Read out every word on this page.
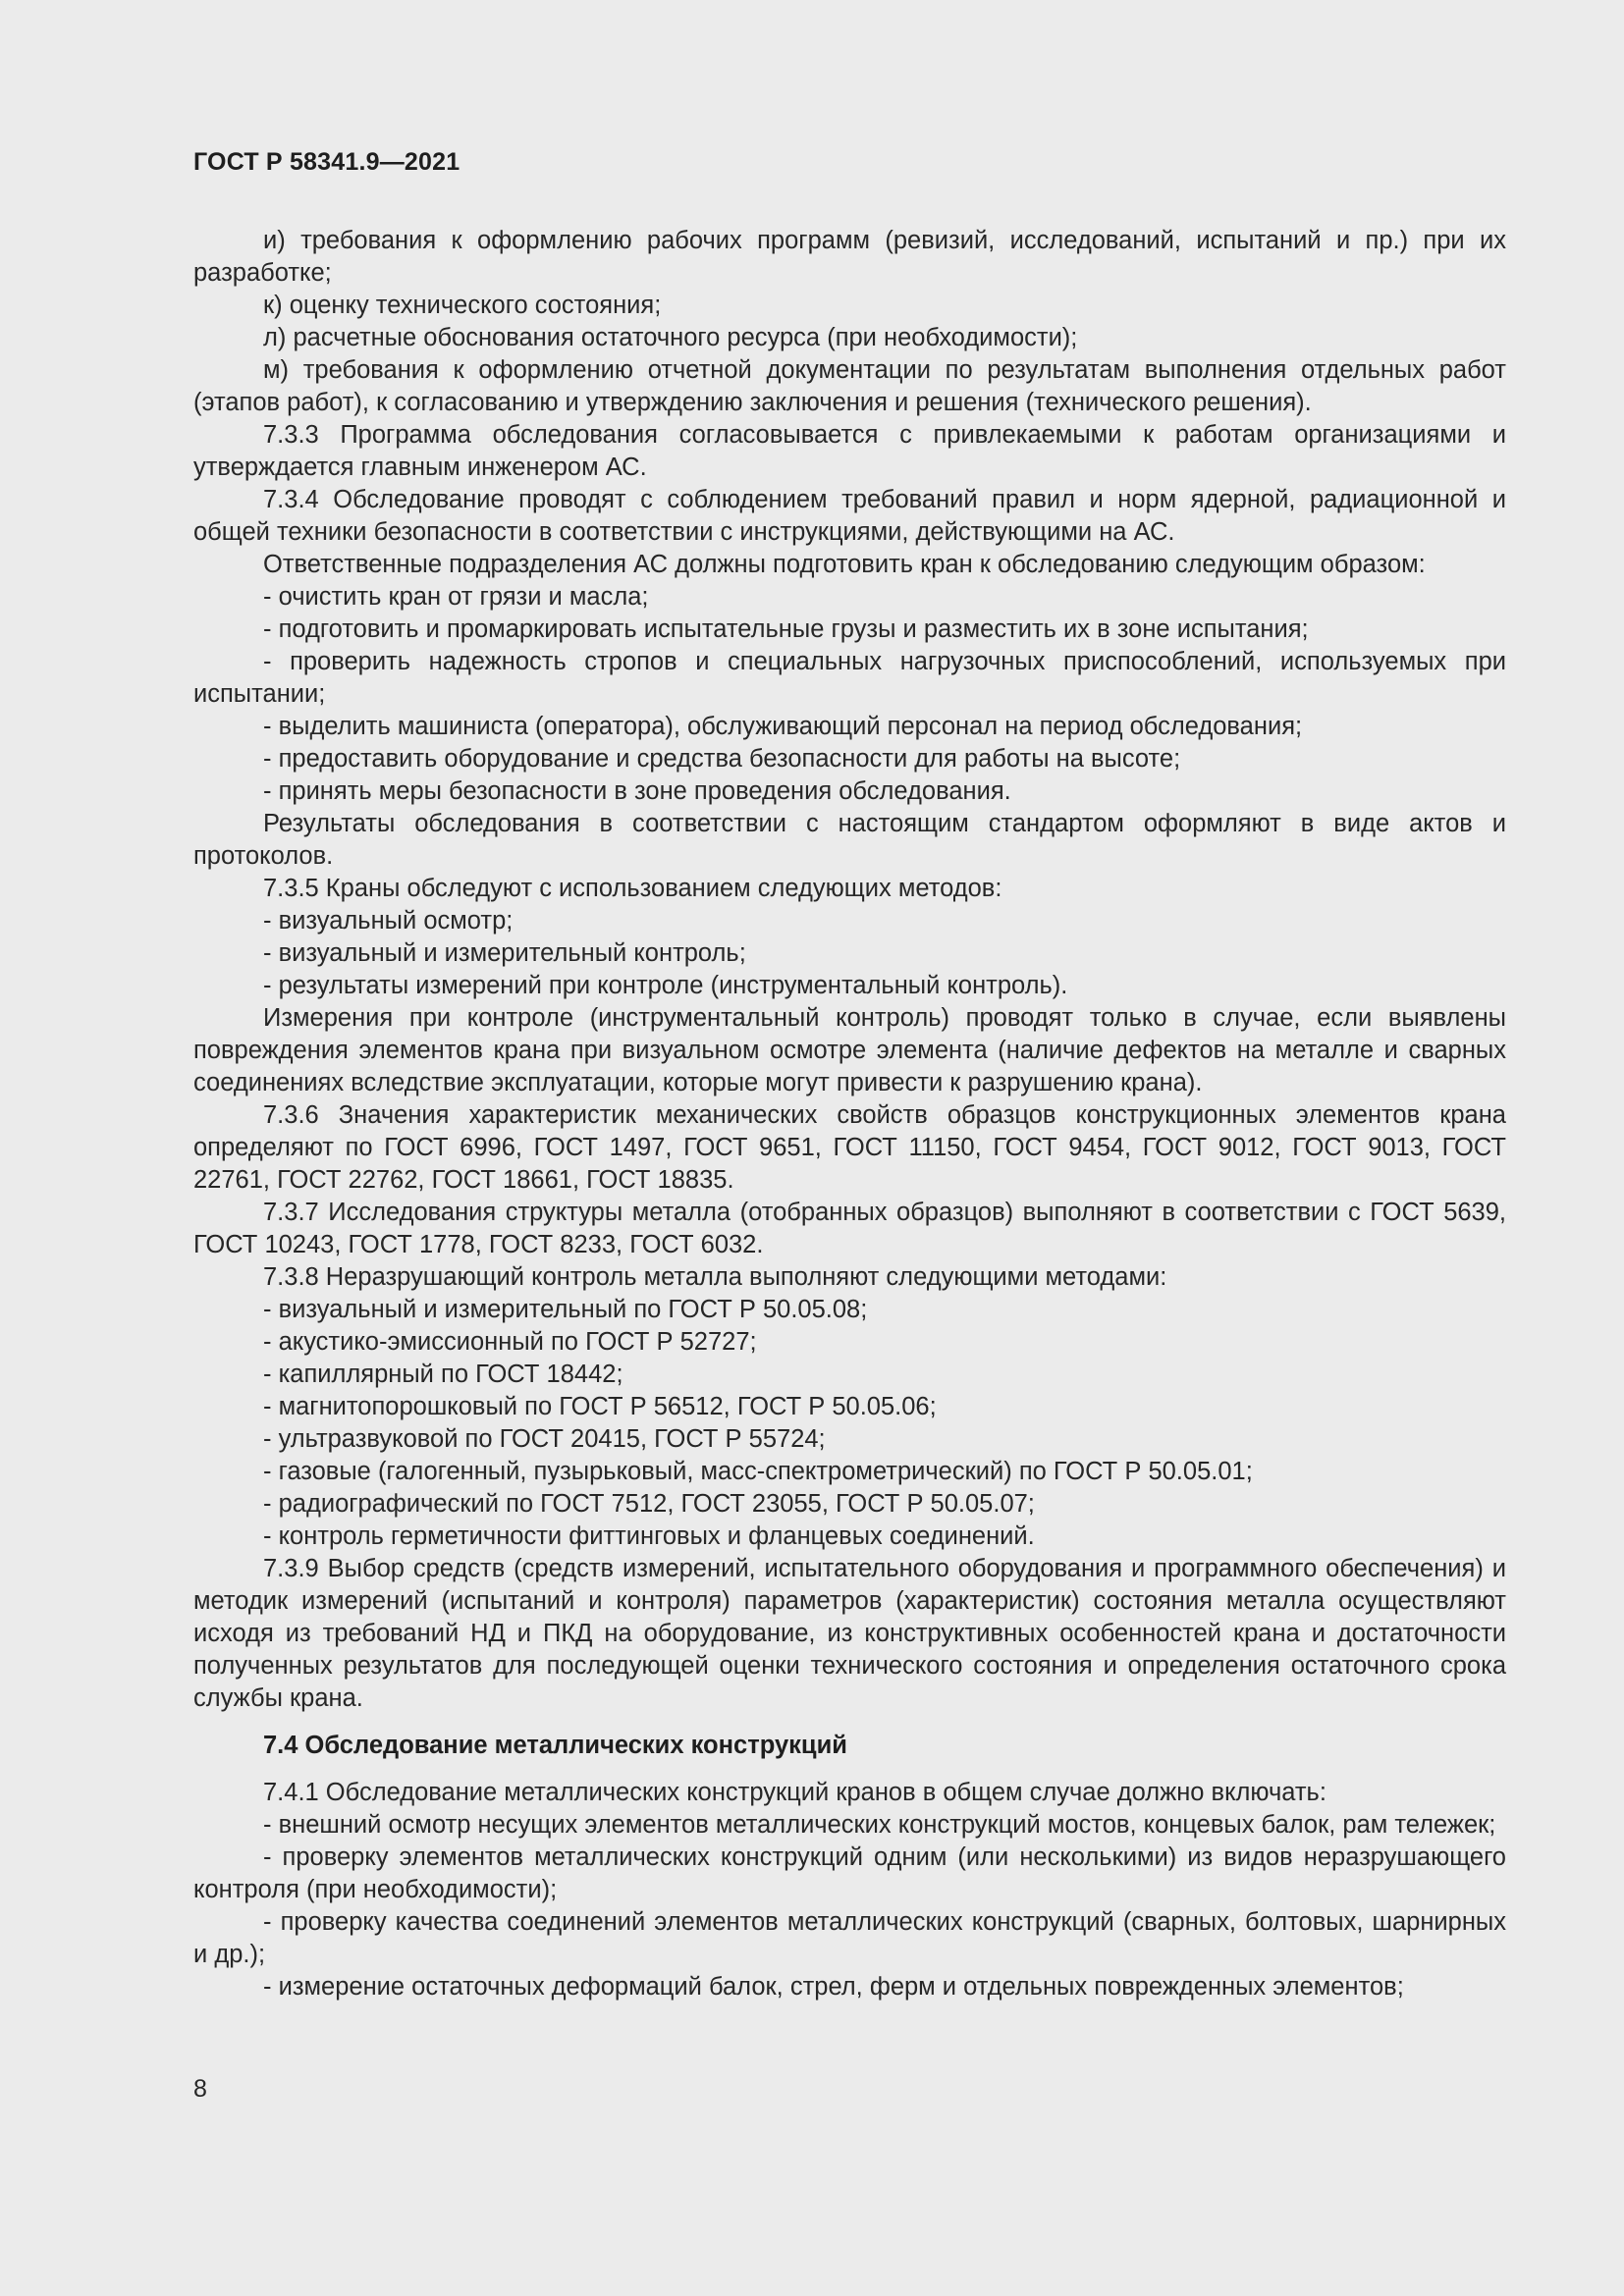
ГОСТ Р 58341.9—2021

и) требования к оформлению рабочих программ (ревизий, исследований, испытаний и пр.) при их разработке;

к) оценку технического состояния;

л) расчетные обоснования остаточного ресурса (при необходимости);

м) требования к оформлению отчетной документации по результатам выполнения отдельных работ (этапов работ), к согласованию и утверждению заключения и решения (технического решения).

7.3.3 Программа обследования согласовывается с привлекаемыми к работам организациями и утверждается главным инженером АС.

7.3.4 Обследование проводят с соблюдением требований правил и норм ядерной, радиационной и общей техники безопасности в соответствии с инструкциями, действующими на АС.

Ответственные подразделения АС должны подготовить кран к обследованию следующим образом:

- очистить кран от грязи и масла;

- подготовить и промаркировать испытательные грузы и разместить их в зоне испытания;

- проверить надежность стропов и специальных нагрузочных приспособлений, используемых при испытании;

- выделить машиниста (оператора), обслуживающий персонал на период обследования;

- предоставить оборудование и средства безопасности для работы на высоте;

- принять меры безопасности в зоне проведения обследования.

Результаты обследования в соответствии с настоящим стандартом оформляют в виде актов и протоколов.

7.3.5 Краны обследуют с использованием следующих методов:

- визуальный осмотр;

- визуальный и измерительный контроль;

- результаты измерений при контроле (инструментальный контроль).

Измерения при контроле (инструментальный контроль) проводят только в случае, если выявлены повреждения элементов крана при визуальном осмотре элемента (наличие дефектов на металле и сварных соединениях вследствие эксплуатации, которые могут привести к разрушению крана).

7.3.6 Значения характеристик механических свойств образцов конструкционных элементов крана определяют по ГОСТ 6996, ГОСТ 1497, ГОСТ 9651, ГОСТ 11150, ГОСТ 9454, ГОСТ 9012, ГОСТ 9013, ГОСТ 22761, ГОСТ 22762, ГОСТ 18661, ГОСТ 18835.

7.3.7 Исследования структуры металла (отобранных образцов) выполняют в соответствии с ГОСТ 5639, ГОСТ 10243, ГОСТ 1778, ГОСТ 8233, ГОСТ 6032.

7.3.8 Неразрушающий контроль металла выполняют следующими методами:

- визуальный и измерительный по ГОСТ Р 50.05.08;

- акустико-эмиссионный по ГОСТ Р 52727;

- капиллярный по ГОСТ 18442;

- магнитопорошковый по ГОСТ Р 56512, ГОСТ Р 50.05.06;

- ультразвуковой по ГОСТ 20415, ГОСТ Р 55724;

- газовые (галогенный, пузырьковый, масс-спектрометрический) по ГОСТ Р 50.05.01;

- радиографический по ГОСТ 7512, ГОСТ 23055, ГОСТ Р 50.05.07;

- контроль герметичности фиттинговых и фланцевых соединений.

7.3.9 Выбор средств (средств измерений, испытательного оборудования и программного обеспечения) и методик измерений (испытаний и контроля) параметров (характеристик) состояния металла осуществляют исходя из требований НД и ПКД на оборудование, из конструктивных особенностей крана и достаточности полученных результатов для последующей оценки технического состояния и определения остаточного срока службы крана.

7.4 Обследование металлических конструкций

7.4.1 Обследование металлических конструкций кранов в общем случае должно включать:

- внешний осмотр несущих элементов металлических конструкций мостов, концевых балок, рам тележек;

- проверку элементов металлических конструкций одним (или несколькими) из видов неразрушающего контроля (при необходимости);

- проверку качества соединений элементов металлических конструкций (сварных, болтовых, шарнирных и др.);

- измерение остаточных деформаций балок, стрел, ферм и отдельных поврежденных элементов;

8
